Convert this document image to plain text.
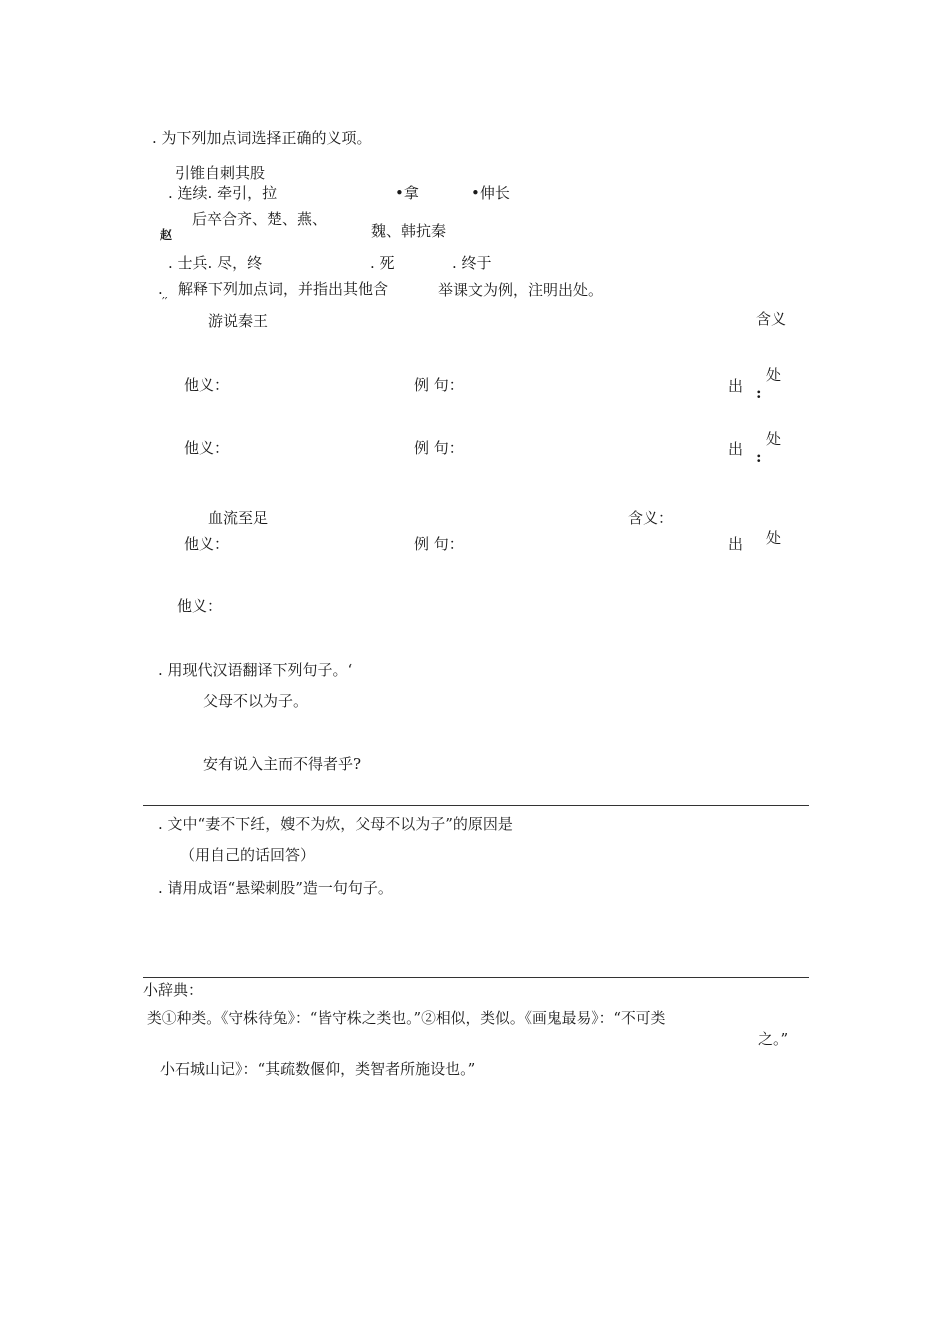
. 为下列加点词选择正确的义项。
引锥自刺其股
. 连续. 牵引，拉	•拿	•伸长
后卒合齐、楚、燕、
赵	魏、韩抗秦
. 士兵. 尽，终	. 死	. 终于
.
′′
解释下列加点词，并指出其他含	举课文为例，注明出处。
游说秦王	含义
他义：	例 句：	出
处
:
他义：	例 句：	出
处
:
血流至足	含义：
他义：	例 句：	出 处
他义：
. 用现代汉语翻译下列句子。‘
父母不以为子。
安有说入主而不得者乎?
. 文中“妻不下纴，嫂不为炊，父母不以为子”的原因是
（用自己的话回答）
. 请用成语“悬梁刺股”造一句句子。
小辞典：
类①种类。《守株待兔》：“皆守株之类也。”②相似，类似。《画鬼最易》：“不可类
之。”
小石城山记》：“其疏数偃仰，类智者所施设也。”
